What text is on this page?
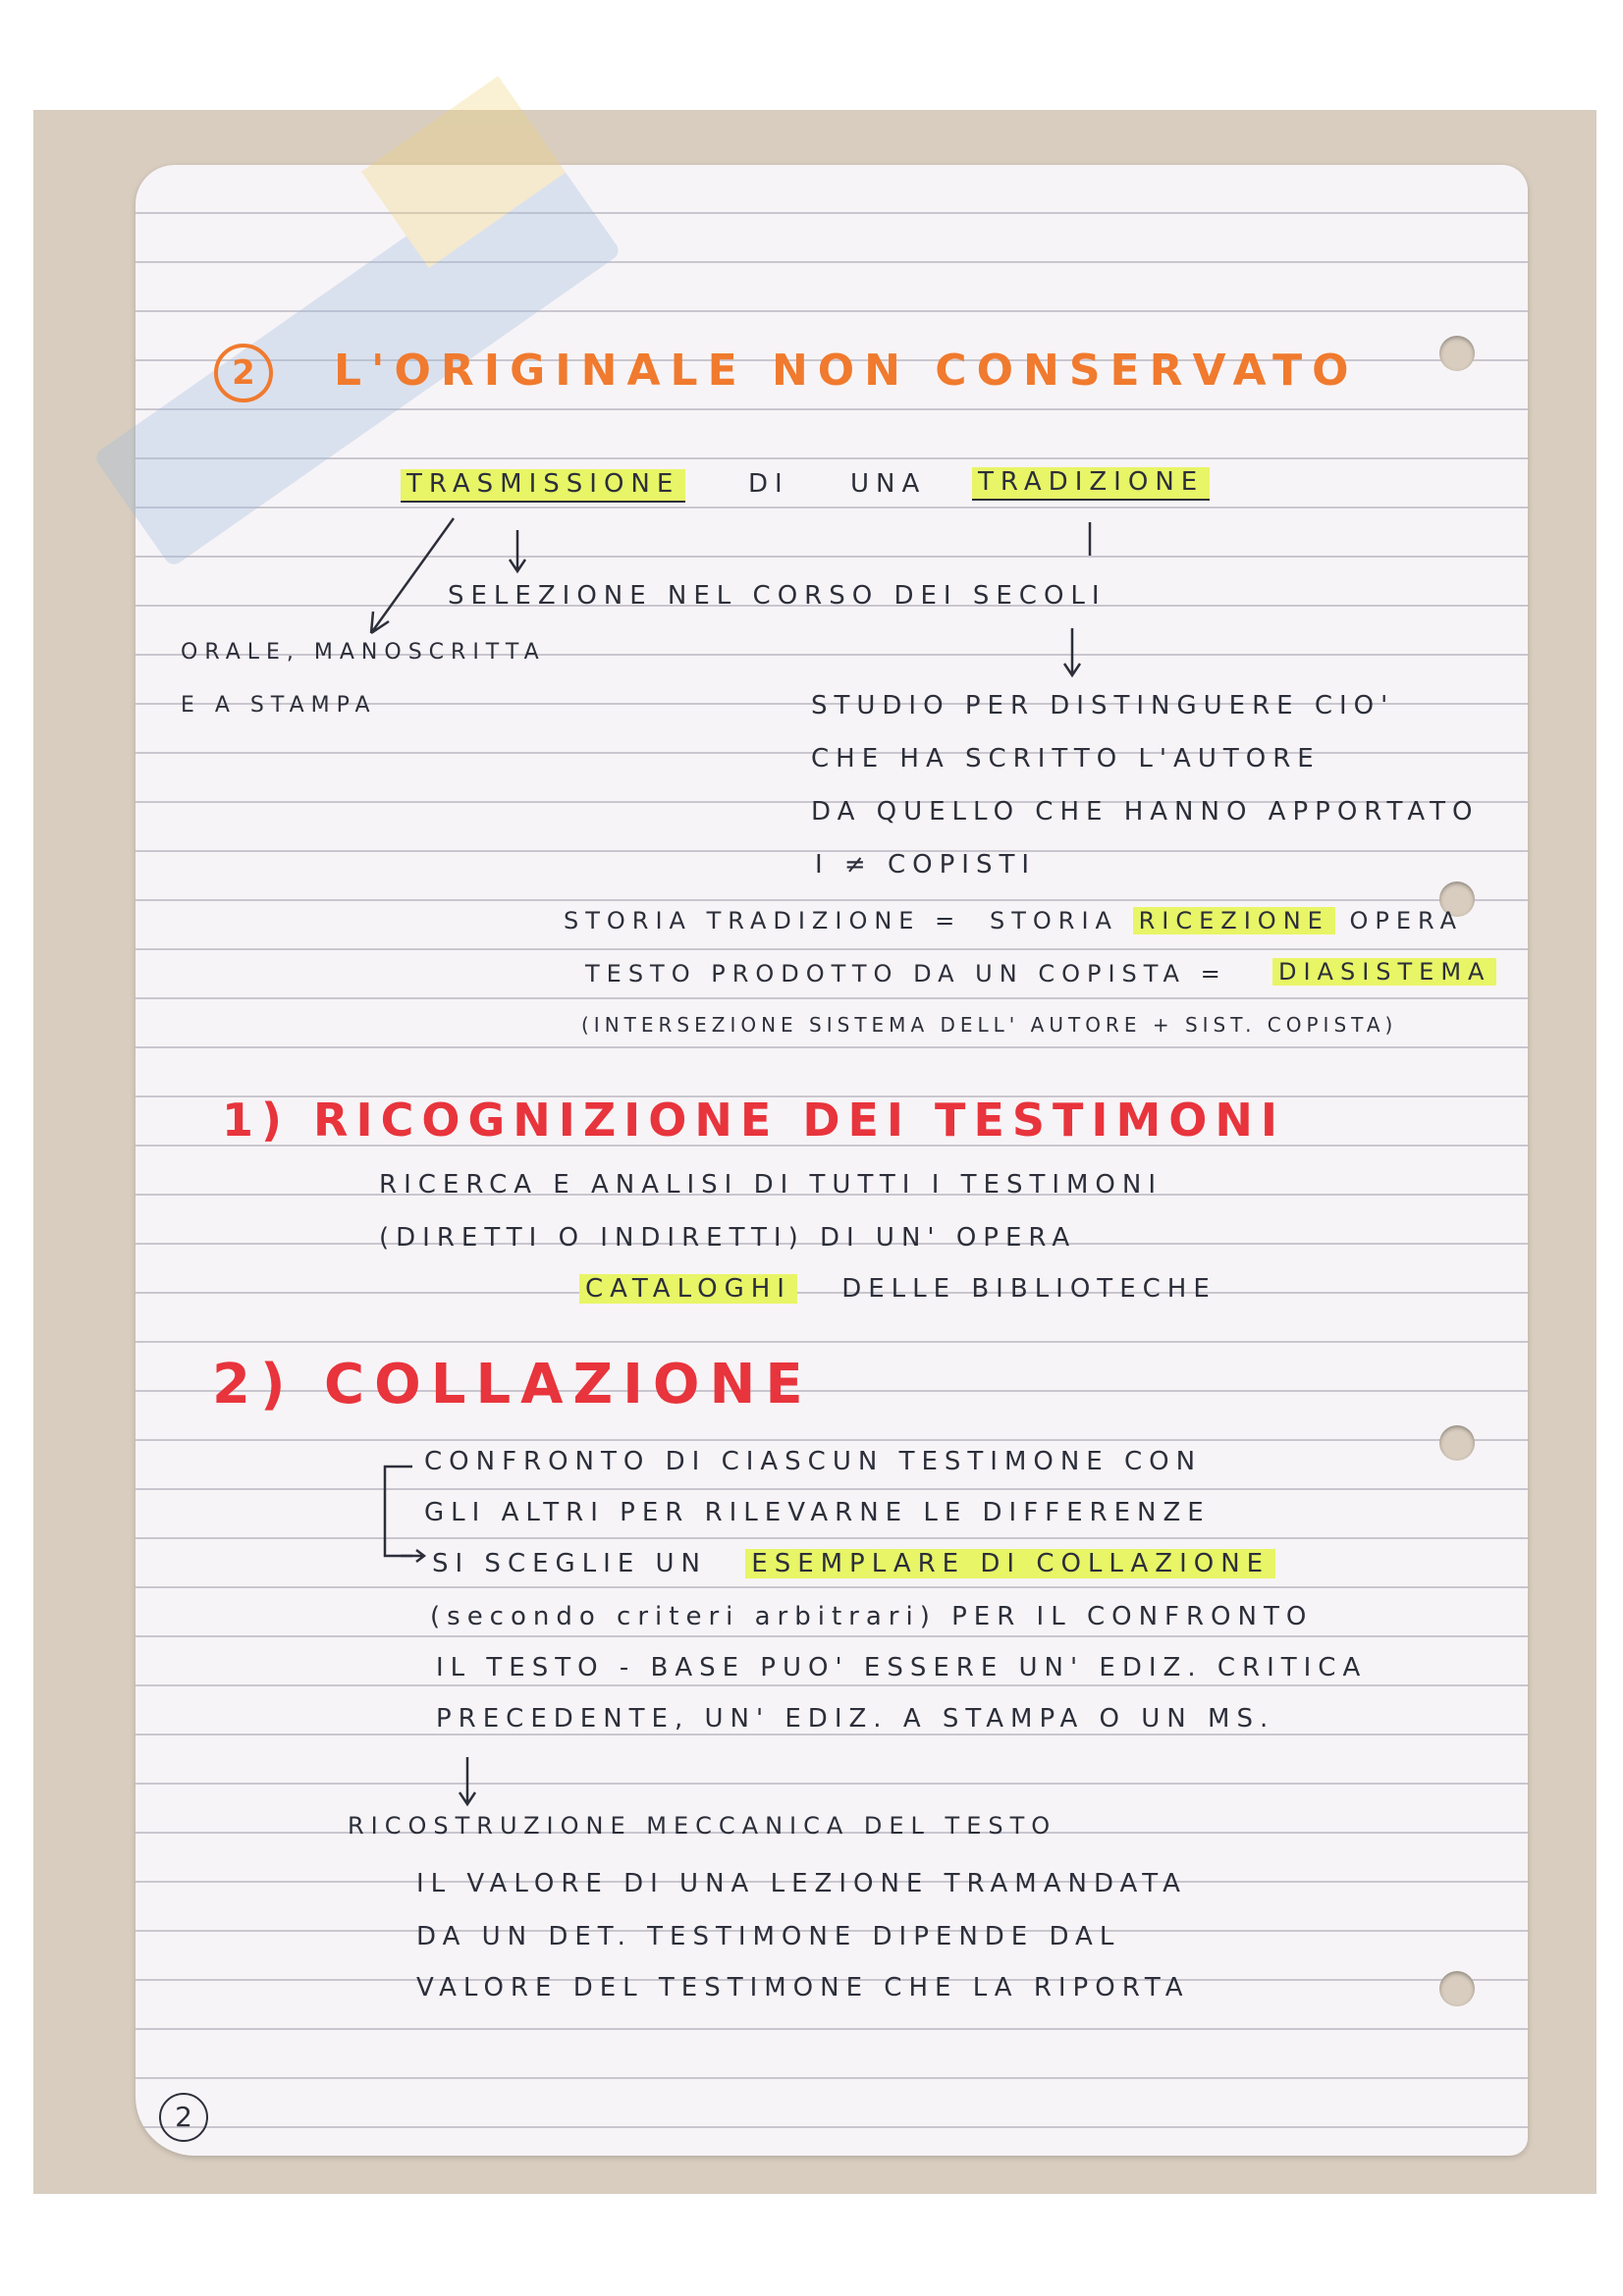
2	L'ORIGINALE NON CONSERVATO
TRASMISSIONE	DI UNA TRADIZIONE
SELEZIONE NEL CORSO DEI SECOLI
ORALE, MANOSCRITTA
E A STAMPA	STUDIO PER DISTINGUERE CIO'
CHE HA SCRITTO L'AUTORE
DA QUELLO CHE HANNO APPORTATO
I ≠ COPISTI
STORIA TRADIZIONE = STORIA RICEZIONE OPERA
TESTO PRODOTTO DA UN COPISTA = DIASISTEMA
(INTERSEZIONE SISTEMA DELL' AUTORE + SIST. COPISTA)
1) RICOGNIZIONE DEI TESTIMONI
RICERCA E ANALISI DI TUTTI I TESTIMONI
(DIRETTI O INDIRETTI) DI UN' OPERA
CATALOGHI DELLE BIBLIOTECHE
2) COLLAZIONE
CONFRONTO DI CIASCUN TESTIMONE CON
GLI ALTRI PER RILEVARNE LE DIFFERENZE
SI SCEGLIE UN ESEMPLARE DI COLLAZIONE
(secondo criteri arbitrari) PER IL CONFRONTO
IL TESTO - BASE PUO' ESSERE UN' EDIZ. CRITICA
PRECEDENTE, UN' EDIZ. A STAMPA O UN MS.
RICOSTRUZIONE MECCANICA DEL TESTO
IL VALORE DI UNA LEZIONE TRAMANDATA
DA UN DET. TESTIMONE DIPENDE DAL
VALORE DEL TESTIMONE CHE LA RIPORTA
2
